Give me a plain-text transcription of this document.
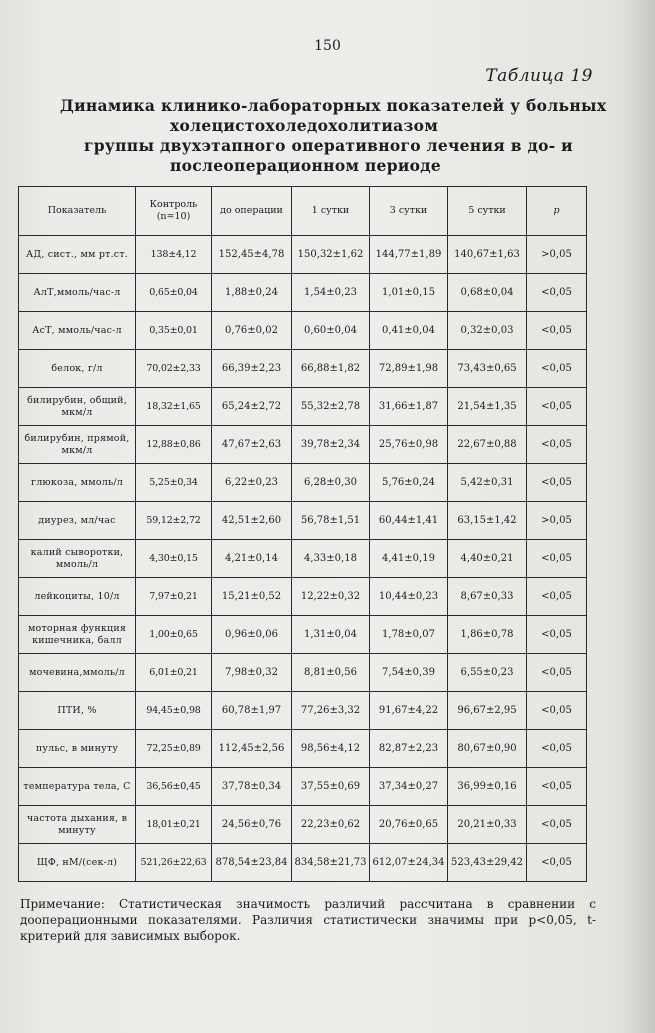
150
Таблица 19
Динамика клинико-лабораторных показателей у больных
холецистохоледохолитиазом
группы двухэтапного оперативного лечения в до- и
послеоперационном периоде
Показатель	Контроль (n=10)	до операции	1 сутки	3 сутки	5 сутки	p
АД, сист., мм рт.ст.	138±4,12	152,45±4,78	150,32±1,62	144,77±1,89	140,67±1,63	>0,05
АлТ,ммоль/час-л	0,65±0,04	1,88±0,24	1,54±0,23	1,01±0,15	0,68±0,04	<0,05
АсТ, ммоль/час-л	0,35±0,01	0,76±0,02	0,60±0,04	0,41±0,04	0,32±0,03	<0,05
белок, г/л	70,02±2,33	66,39±2,23	66,88±1,82	72,89±1,98	73,43±0,65	<0,05
билирубин, общий, мкм/л	18,32±1,65	65,24±2,72	55,32±2,78	31,66±1,87	21,54±1,35	<0,05
билирубин, прямой, мкм/л	12,88±0,86	47,67±2,63	39,78±2,34	25,76±0,98	22,67±0,88	<0,05
глюкоза, ммоль/л	5,25±0,34	6,22±0,23	6,28±0,30	5,76±0,24	5,42±0,31	<0,05
диурез, мл/час	59,12±2,72	42,51±2,60	56,78±1,51	60,44±1,41	63,15±1,42	>0,05
калий сыворотки, ммоль/л	4,30±0,15	4,21±0,14	4,33±0,18	4,41±0,19	4,40±0,21	<0,05
лейкоциты, 10/л	7,97±0,21	15,21±0,52	12,22±0,32	10,44±0,23	8,67±0,33	<0,05
моторная функция кишечника, балл	1,00±0,65	0,96±0,06	1,31±0,04	1,78±0,07	1,86±0,78	<0,05
мочевина,ммоль/л	6,01±0,21	7,98±0,32	8,81±0,56	7,54±0,39	6,55±0,23	<0,05
ПТИ, %	94,45±0,98	60,78±1,97	77,26±3,32	91,67±4,22	96,67±2,95	<0,05
пульс, в минуту	72,25±0,89	112,45±2,56	98,56±4,12	82,87±2,23	80,67±0,90	<0,05
температура тела, С	36,56±0,45	37,78±0,34	37,55±0,69	37,34±0,27	36,99±0,16	<0,05
частота дыхания, в минуту	18,01±0,21	24,56±0,76	22,23±0,62	20,76±0,65	20,21±0,33	<0,05
ЩФ, нМ/(сек-л)	521,26±22,63	878,54±23,84	834,58±21,73	612,07±24,34	523,43±29,42	<0,05
Примечание: Статистическая значимость различий рассчитана в сравнении с дооперационными показателями. Различия статистически значимы при p<0,05, t-критерий для зависимых выборок.
